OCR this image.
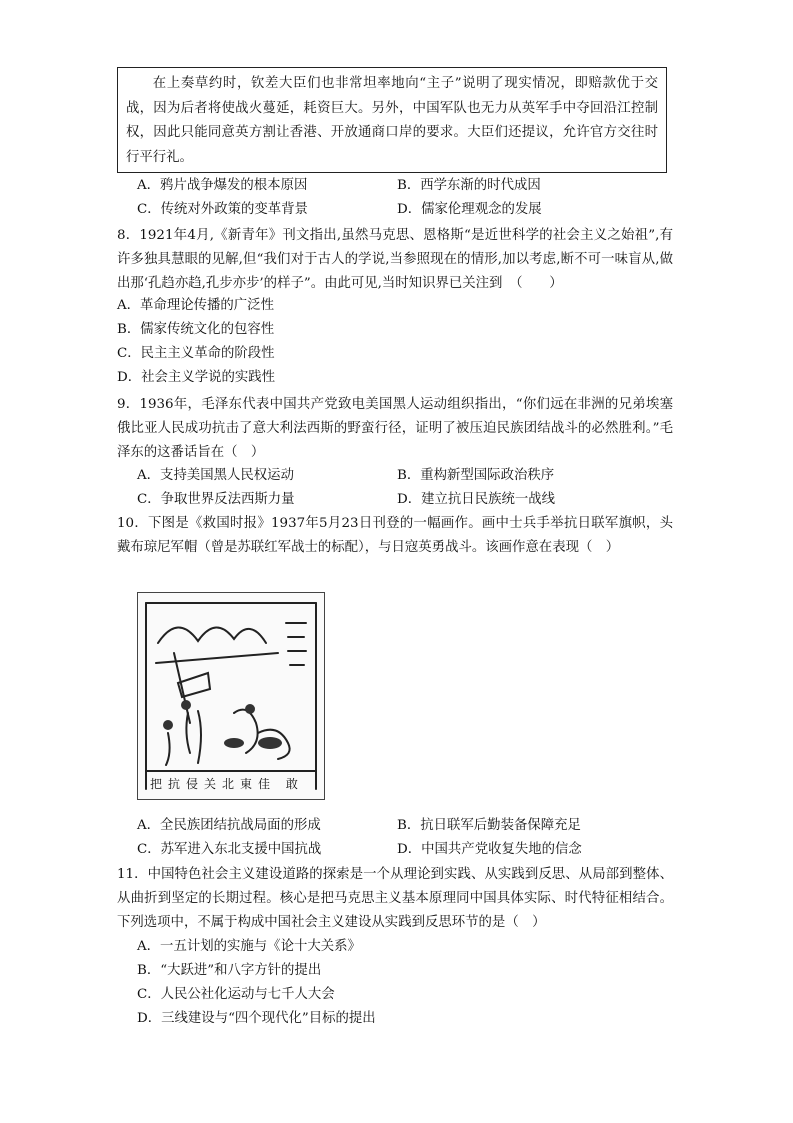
在上奏草约时，钦差大臣们也非常坦率地向“主子”说明了现实情况，即赔款优于交战，因为后者将使战火蔓延，耗资巨大。另外，中国军队也无力从英军手中夺回沿江控制权，因此只能同意英方割让香港、开放通商口岸的要求。大臣们还提议，允许官方交往时行平行礼。

A．鸦片战争爆发的根本原因	B．西学东渐的时代成因
C．传统对外政策的变革背景	D．儒家伦理观念的发展
8．1921年4月,《新青年》刊文指出,虽然马克思、恩格斯“是近世科学的社会主义之始祖”,有许多独具慧眼的见解,但“我们对于古人的学说,当参照现在的情形,加以考虑,断不可一味盲从,做出那‘孔趋亦趋,孔步亦步’的样子”。由此可见,当时知识界已关注到　（　　）
A．革命理论传播的广泛性
B．儒家传统文化的包容性
C．民主主义革命的阶段性
D．社会主义学说的实践性
9．1936年，毛泽东代表中国共产党致电美国黑人运动组织指出，“你们远在非洲的兄弟埃塞俄比亚人民成功抗击了意大利法西斯的野蛮行径，证明了被压迫民族团结战斗的必然胜利。”毛泽东的这番话旨在（　）
A．支持美国黑人民权运动	B．重构新型国际政治秩序
C．争取世界反法西斯力量	D．建立抗日民族统一战线
10．下图是《救国时报》1937年5月23日刊登的一幅画作。画中士兵手举抗日联军旗帜，头戴布琼尼军帽（曾是苏联红军战士的标配），与日寇英勇战斗。该画作意在表现（　）
把抗侵关北東佳 敢
A．全民族团结抗战局面的形成	B．抗日联军后勤装备保障充足
C．苏军进入东北支援中国抗战	D．中国共产党收复失地的信念
11．中国特色社会主义建设道路的探索是一个从理论到实践、从实践到反思、从局部到整体、从曲折到坚定的长期过程。核心是把马克思主义基本原理同中国具体实际、时代特征相结合。下列选项中，不属于构成中国社会主义建设从实践到反思环节的是（　）
A．一五计划的实施与《论十大关系》
B．“大跃进”和八字方针的提出
C．人民公社化运动与七千人大会
D．三线建设与“四个现代化”目标的提出
